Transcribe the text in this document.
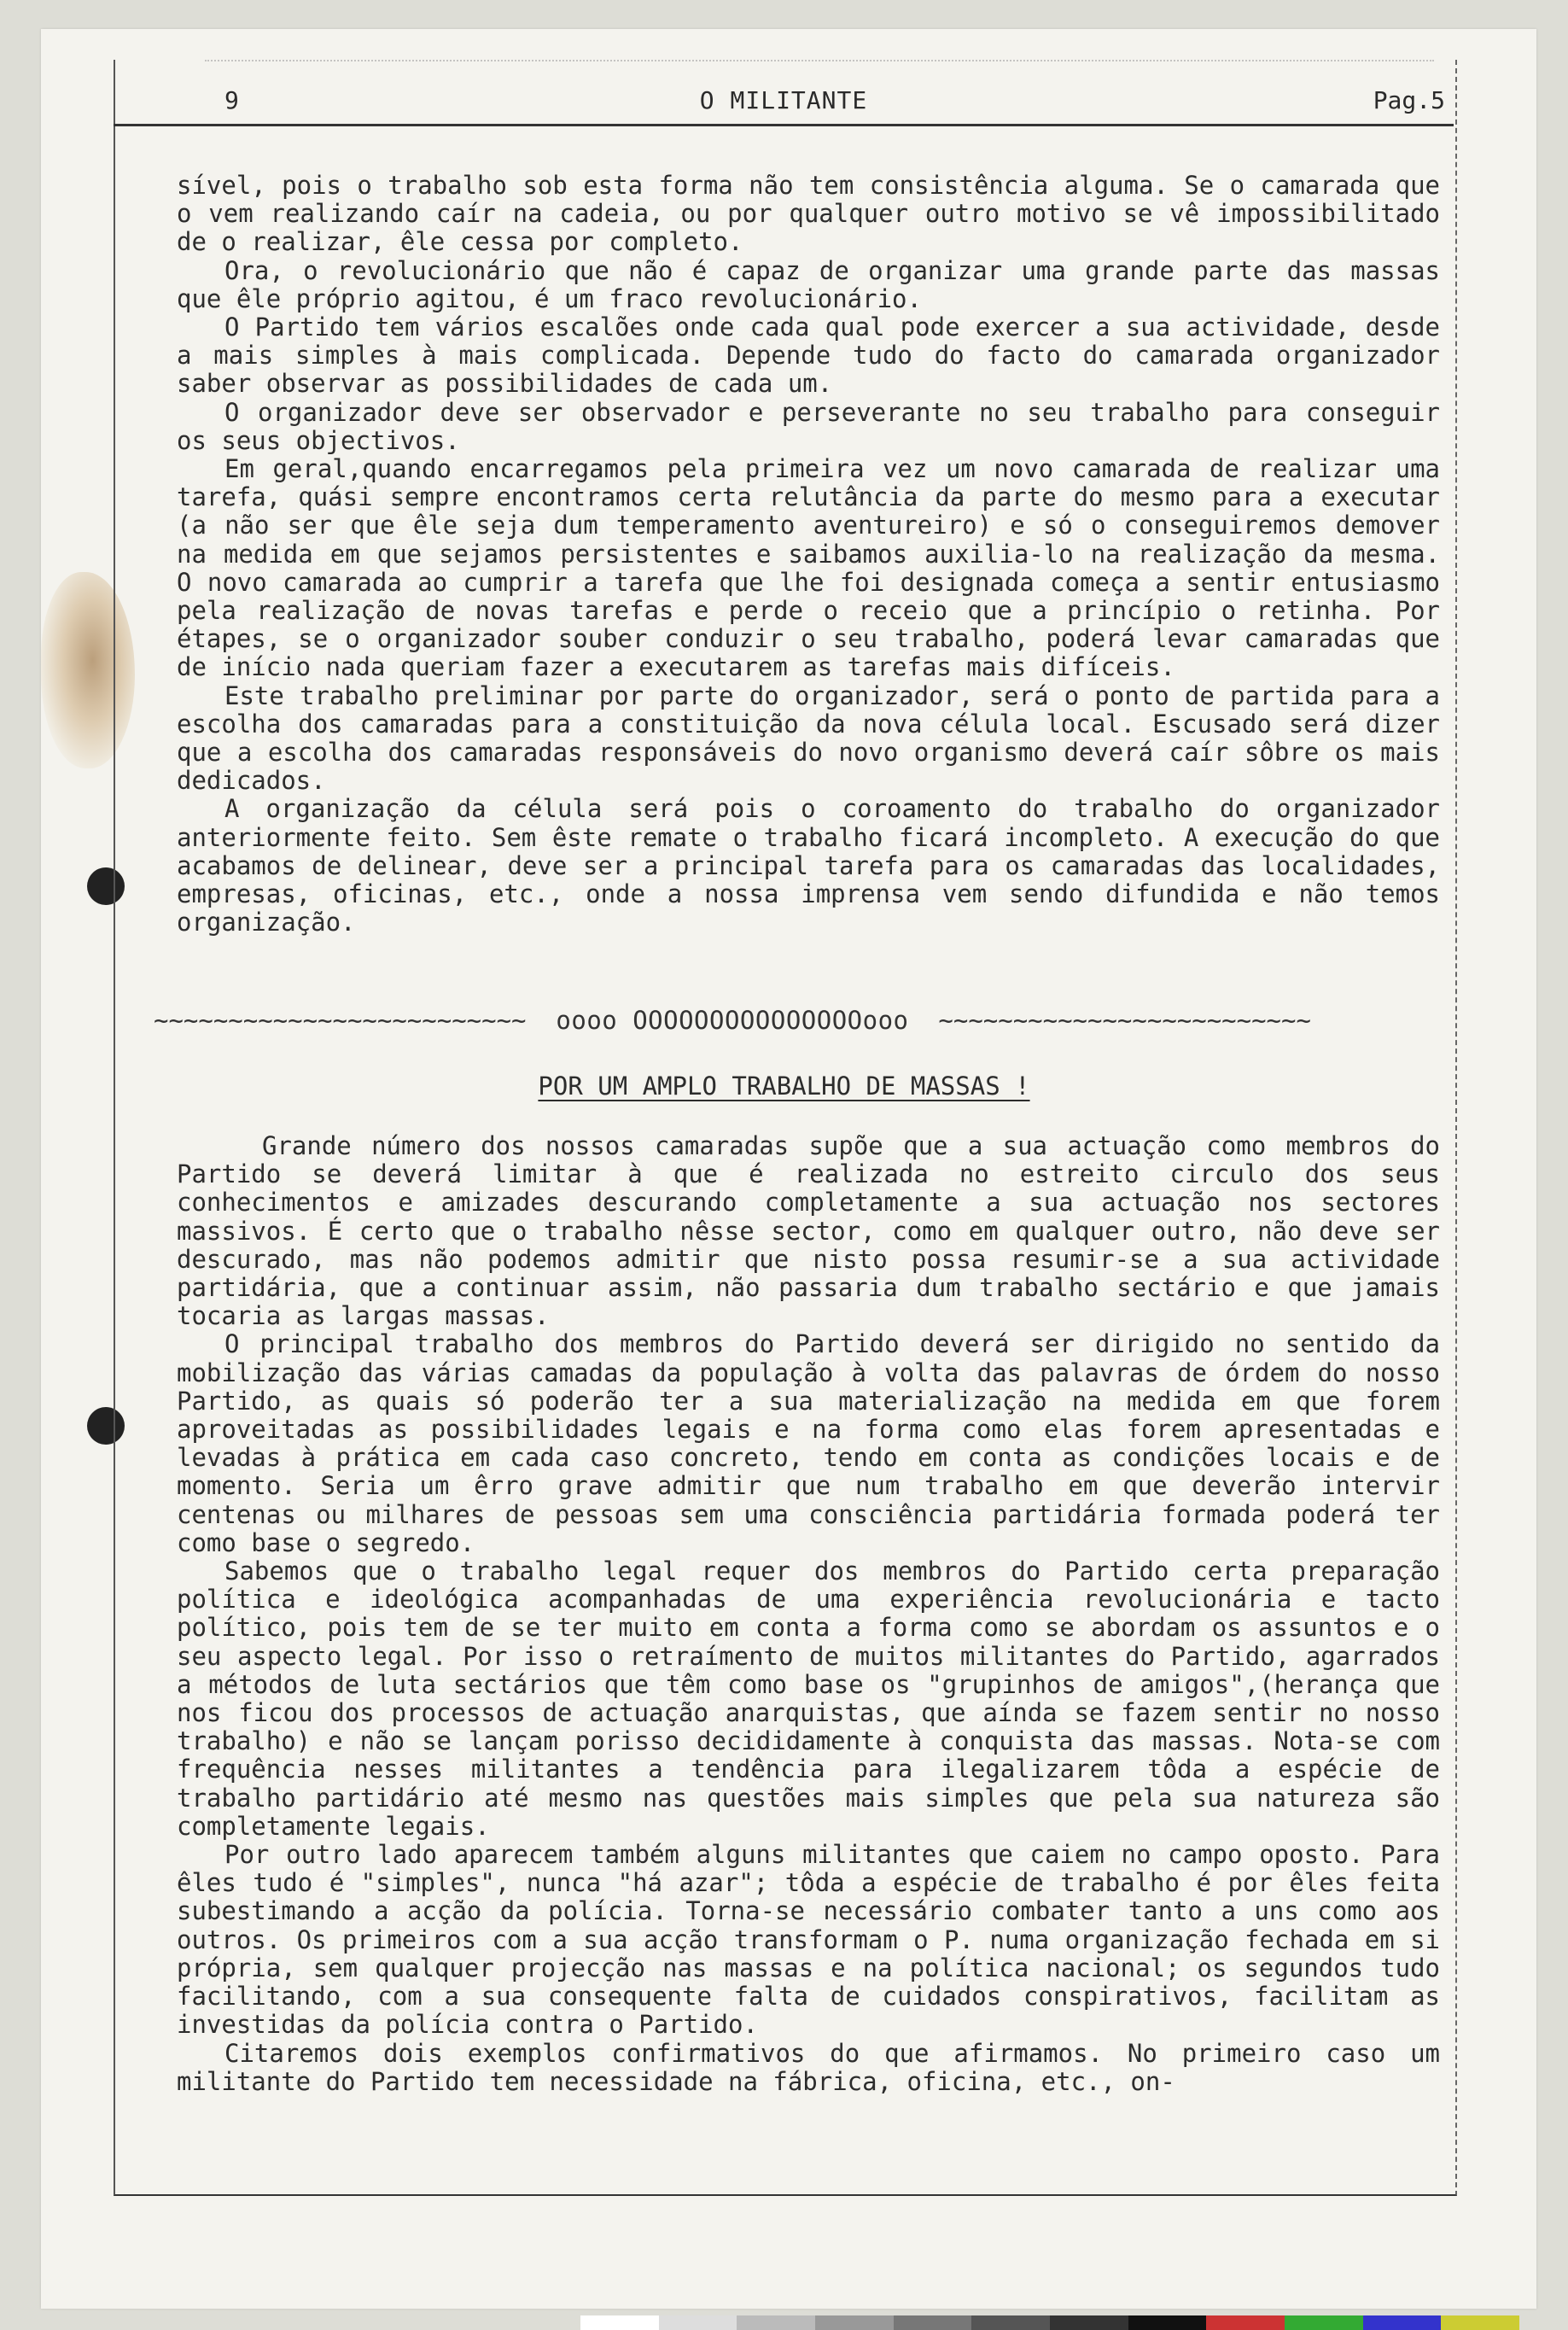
9	O MILITANTE	Pag.5

sível, pois o trabalho sob esta forma não tem consistência alguma. Se o camarada que o vem realizando caír na cadeia, ou por qualquer outro motivo se vê impossibilitado de o realizar, êle cessa por completo.

Ora, o revolucionário que não é capaz de organizar uma grande parte das massas que êle próprio agitou, é um fraco revolucionário.

O Partido tem vários escalões onde cada qual pode exercer a sua actividade, desde a mais simples à mais complicada. Depende tudo do facto do camarada organizador saber observar as possibilidades de cada um.

O organizador deve ser observador e perseverante no seu trabalho para conseguir os seus objectivos.

Em geral,quando encarregamos pela primeira vez um novo camarada de realizar uma tarefa, quási sempre encontramos certa relutância da parte do mesmo para a executar (a não ser que êle seja dum temperamento aventureiro) e só o conseguiremos demover na medida em que sejamos persistentes e saibamos auxilia-lo na realização da mesma. O novo camarada ao cumprir a tarefa que lhe foi designada começa a sentir entusiasmo pela realização de novas tarefas e perde o receio que a princípio o retinha. Por étapes, se o organizador souber conduzir o seu trabalho, poderá levar camaradas que de início nada queriam fazer a executarem as tarefas mais difíceis.

Este trabalho preliminar por parte do organizador, será o ponto de partida para a escolha dos camaradas para a constituição da nova célula local. Escusado será dizer que a escolha dos camaradas responsáveis do novo organismo deverá caír sôbre os mais dedicados.

A organização da célula será pois o coroamento do trabalho do organizador anteriormente feito. Sem êste remate o trabalho ficará incompleto. A execução do que acabamos de delinear, deve ser a principal tarefa para os camaradas das localidades, empresas, oficinas, etc., onde a nossa imprensa vem sendo difundida e não temos organização.

~~~~~~~~~~~~~~~~~~~~~~~~~ oooo OOOOOOOOOOOOOOOooo ~~~~~~~~~~~~~~~~~~~~~~~~~
POR UM AMPLO TRABALHO DE MASSAS !

Grande número dos nossos camaradas supõe que a sua actuação como membros do Partido se deverá limitar à que é realizada no estreito circulo dos seus conhecimentos e amizades descurando completamente a sua actuação nos sectores massivos. É certo que o trabalho nêsse sector, como em qualquer outro, não deve ser descurado, mas não podemos admitir que nisto possa resumir-se a sua actividade partidária, que a continuar assim, não passaria dum trabalho sectário e que jamais tocaria as largas massas.

O principal trabalho dos membros do Partido deverá ser dirigido no sentido da mobilização das várias camadas da população à volta das palavras de órdem do nosso Partido, as quais só poderão ter a sua materialização na medida em que forem aproveitadas as possibilidades legais e na forma como elas forem apresentadas e levadas à prática em cada caso concreto, tendo em conta as condições locais e de momento. Seria um êrro grave admitir que num trabalho em que deverão intervir centenas ou milhares de pessoas sem uma consciência partidária formada poderá ter como base o segredo.

Sabemos que o trabalho legal requer dos membros do Partido certa preparação política e ideológica acompanhadas de uma experiência revolucionária e tacto político, pois tem de se ter muito em conta a forma como se abordam os assuntos e o seu aspecto legal. Por isso o retraímento de muitos militantes do Partido, agarrados a métodos de luta sectários que têm como base os "grupinhos de amigos",(herança que nos ficou dos processos de actuação anarquistas, que aínda se fazem sentir no nosso trabalho) e não se lançam porisso decididamente à conquista das massas. Nota-se com frequência nesses militantes a tendência para ilegalizarem tôda a espécie de trabalho partidário até mesmo nas questões mais simples que pela sua natureza são completamente legais.

Por outro lado aparecem também alguns militantes que caiem no campo oposto. Para êles tudo é "simples", nunca "há azar"; tôda a espécie de trabalho é por êles feita subestimando a acção da polícia. Torna-se necessário combater tanto a uns como aos outros. Os primeiros com a sua acção transformam o P. numa organização fechada em si própria, sem qualquer projecção nas massas e na política nacional; os segundos tudo facilitando, com a sua consequente falta de cuidados conspirativos, facilitam as investidas da polícia contra o Partido.

Citaremos dois exemplos confirmativos do que afirmamos. No primeiro caso um militante do Partido tem necessidade na fábrica, oficina, etc., on-
